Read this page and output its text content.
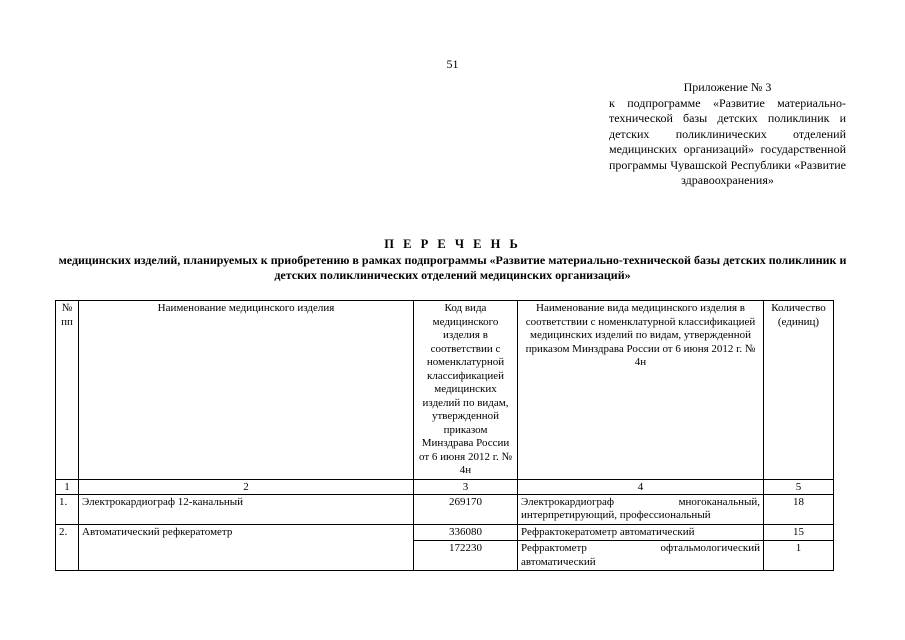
51
Приложение № 3
к подпрограмме «Развитие материально-технической базы детских поликлиник и детских поликлинических отделений медицинских организаций» государственной программы Чувашской Республики «Развитие здравоохранения»
П Е Р Е Ч Е Н Ь
медицинских изделий, планируемых к приобретению в рамках подпрограммы «Развитие материально-технической базы детских поликлиник и детских поликлинических отделений медицинских организаций»
№ пп	Наименование медицинского изделия	Код вида медицинского изделия в соответствии с номенклатурной классификацией медицинских изделий по видам, утвержденной приказом Минздрава России от 6 июня 2012 г. № 4н	Наименование вида медицинского изделия в соответствии с номенклатурной классификацией медицинских изделий по видам, утвержденной приказом Минздрава России от 6 июня 2012 г. № 4н	Количество (единиц)
1	2	3	4	5
1.	Электрокардиограф 12-канальный	269170	Электрокардиограф многоканальный, интерпретирующий, профессиональный	18
2.	Автоматический рефкератометр	336080	Рефрактокератометр автоматический	15
		172230	Рефрактометр офтальмологический автоматический	1
